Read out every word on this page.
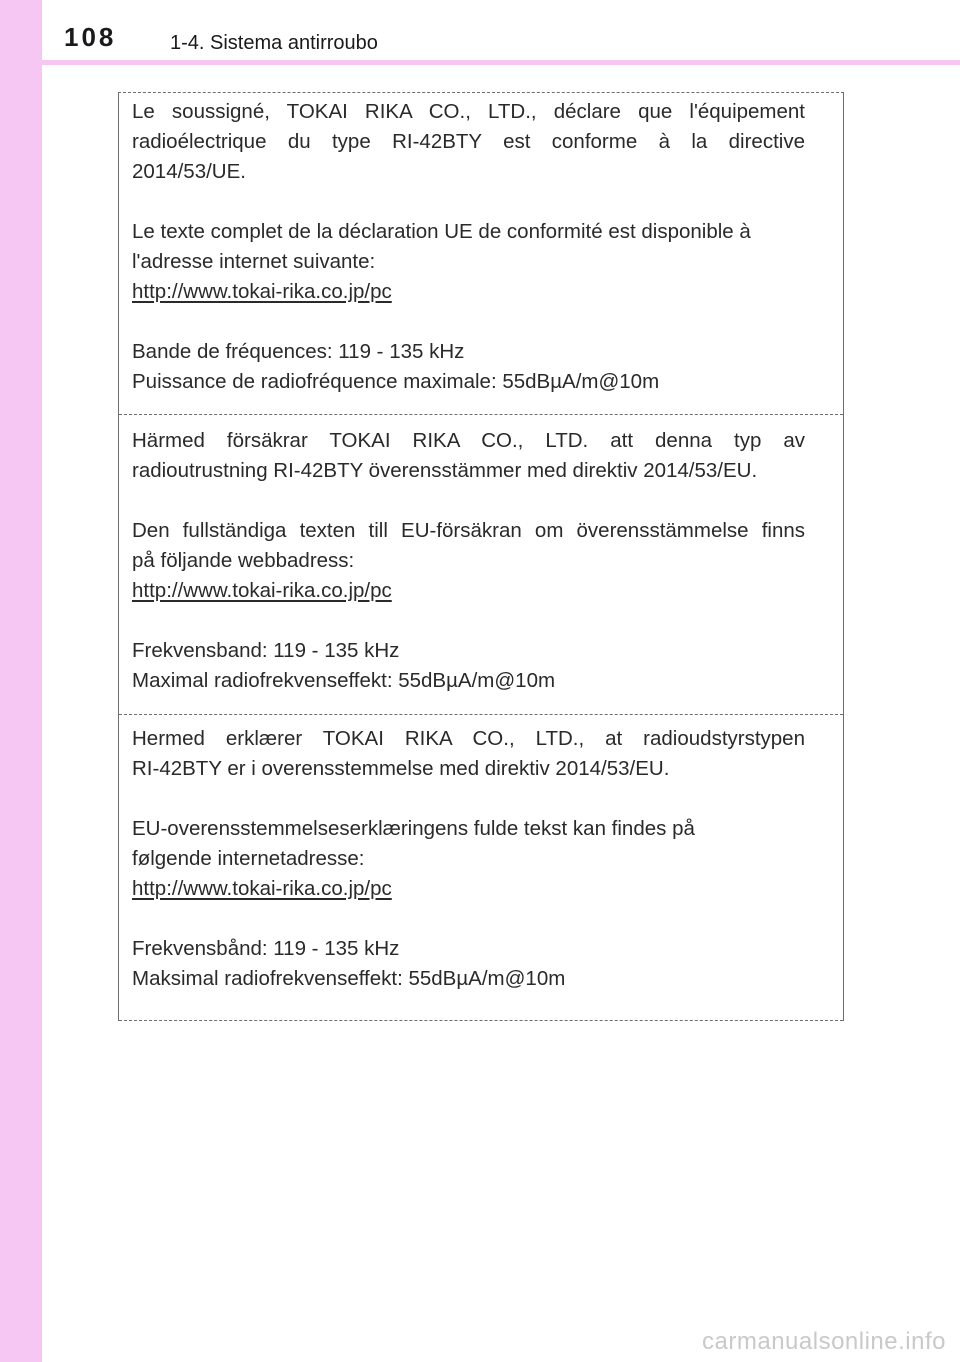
108	1-4. Sistema antirroubo

Le soussigné, TOKAI RIKA CO., LTD., déclare que l'équipement

radioélectrique du type RI-42BTY est conforme à la directive

2014/53/UE.

Le texte complet de la déclaration UE de conformité est disponible à

l'adresse internet suivante:

http://www.tokai-rika.co.jp/pc

Bande de fréquences: 119 - 135 kHz

Puissance de radiofréquence maximale: 55dBµA/m@10m

Härmed försäkrar TOKAI RIKA CO., LTD. att denna typ av

radioutrustning RI-42BTY överensstämmer med direktiv 2014/53/EU.

Den fullständiga texten till EU-försäkran om överensstämmelse finns

på följande webbadress:

http://www.tokai-rika.co.jp/pc

Frekvensband: 119 - 135 kHz

Maximal radiofrekvenseffekt: 55dBµA/m@10m

Hermed erklærer TOKAI RIKA CO., LTD., at radioudstyrstypen

RI-42BTY er i overensstemmelse med direktiv 2014/53/EU.

EU-overensstemmelseserklæringens fulde tekst kan findes på

følgende internetadresse:

http://www.tokai-rika.co.jp/pc

Frekvensbånd: 119 - 135 kHz

Maksimal radiofrekvenseffekt: 55dBµA/m@10m

carmanualsonline.info
